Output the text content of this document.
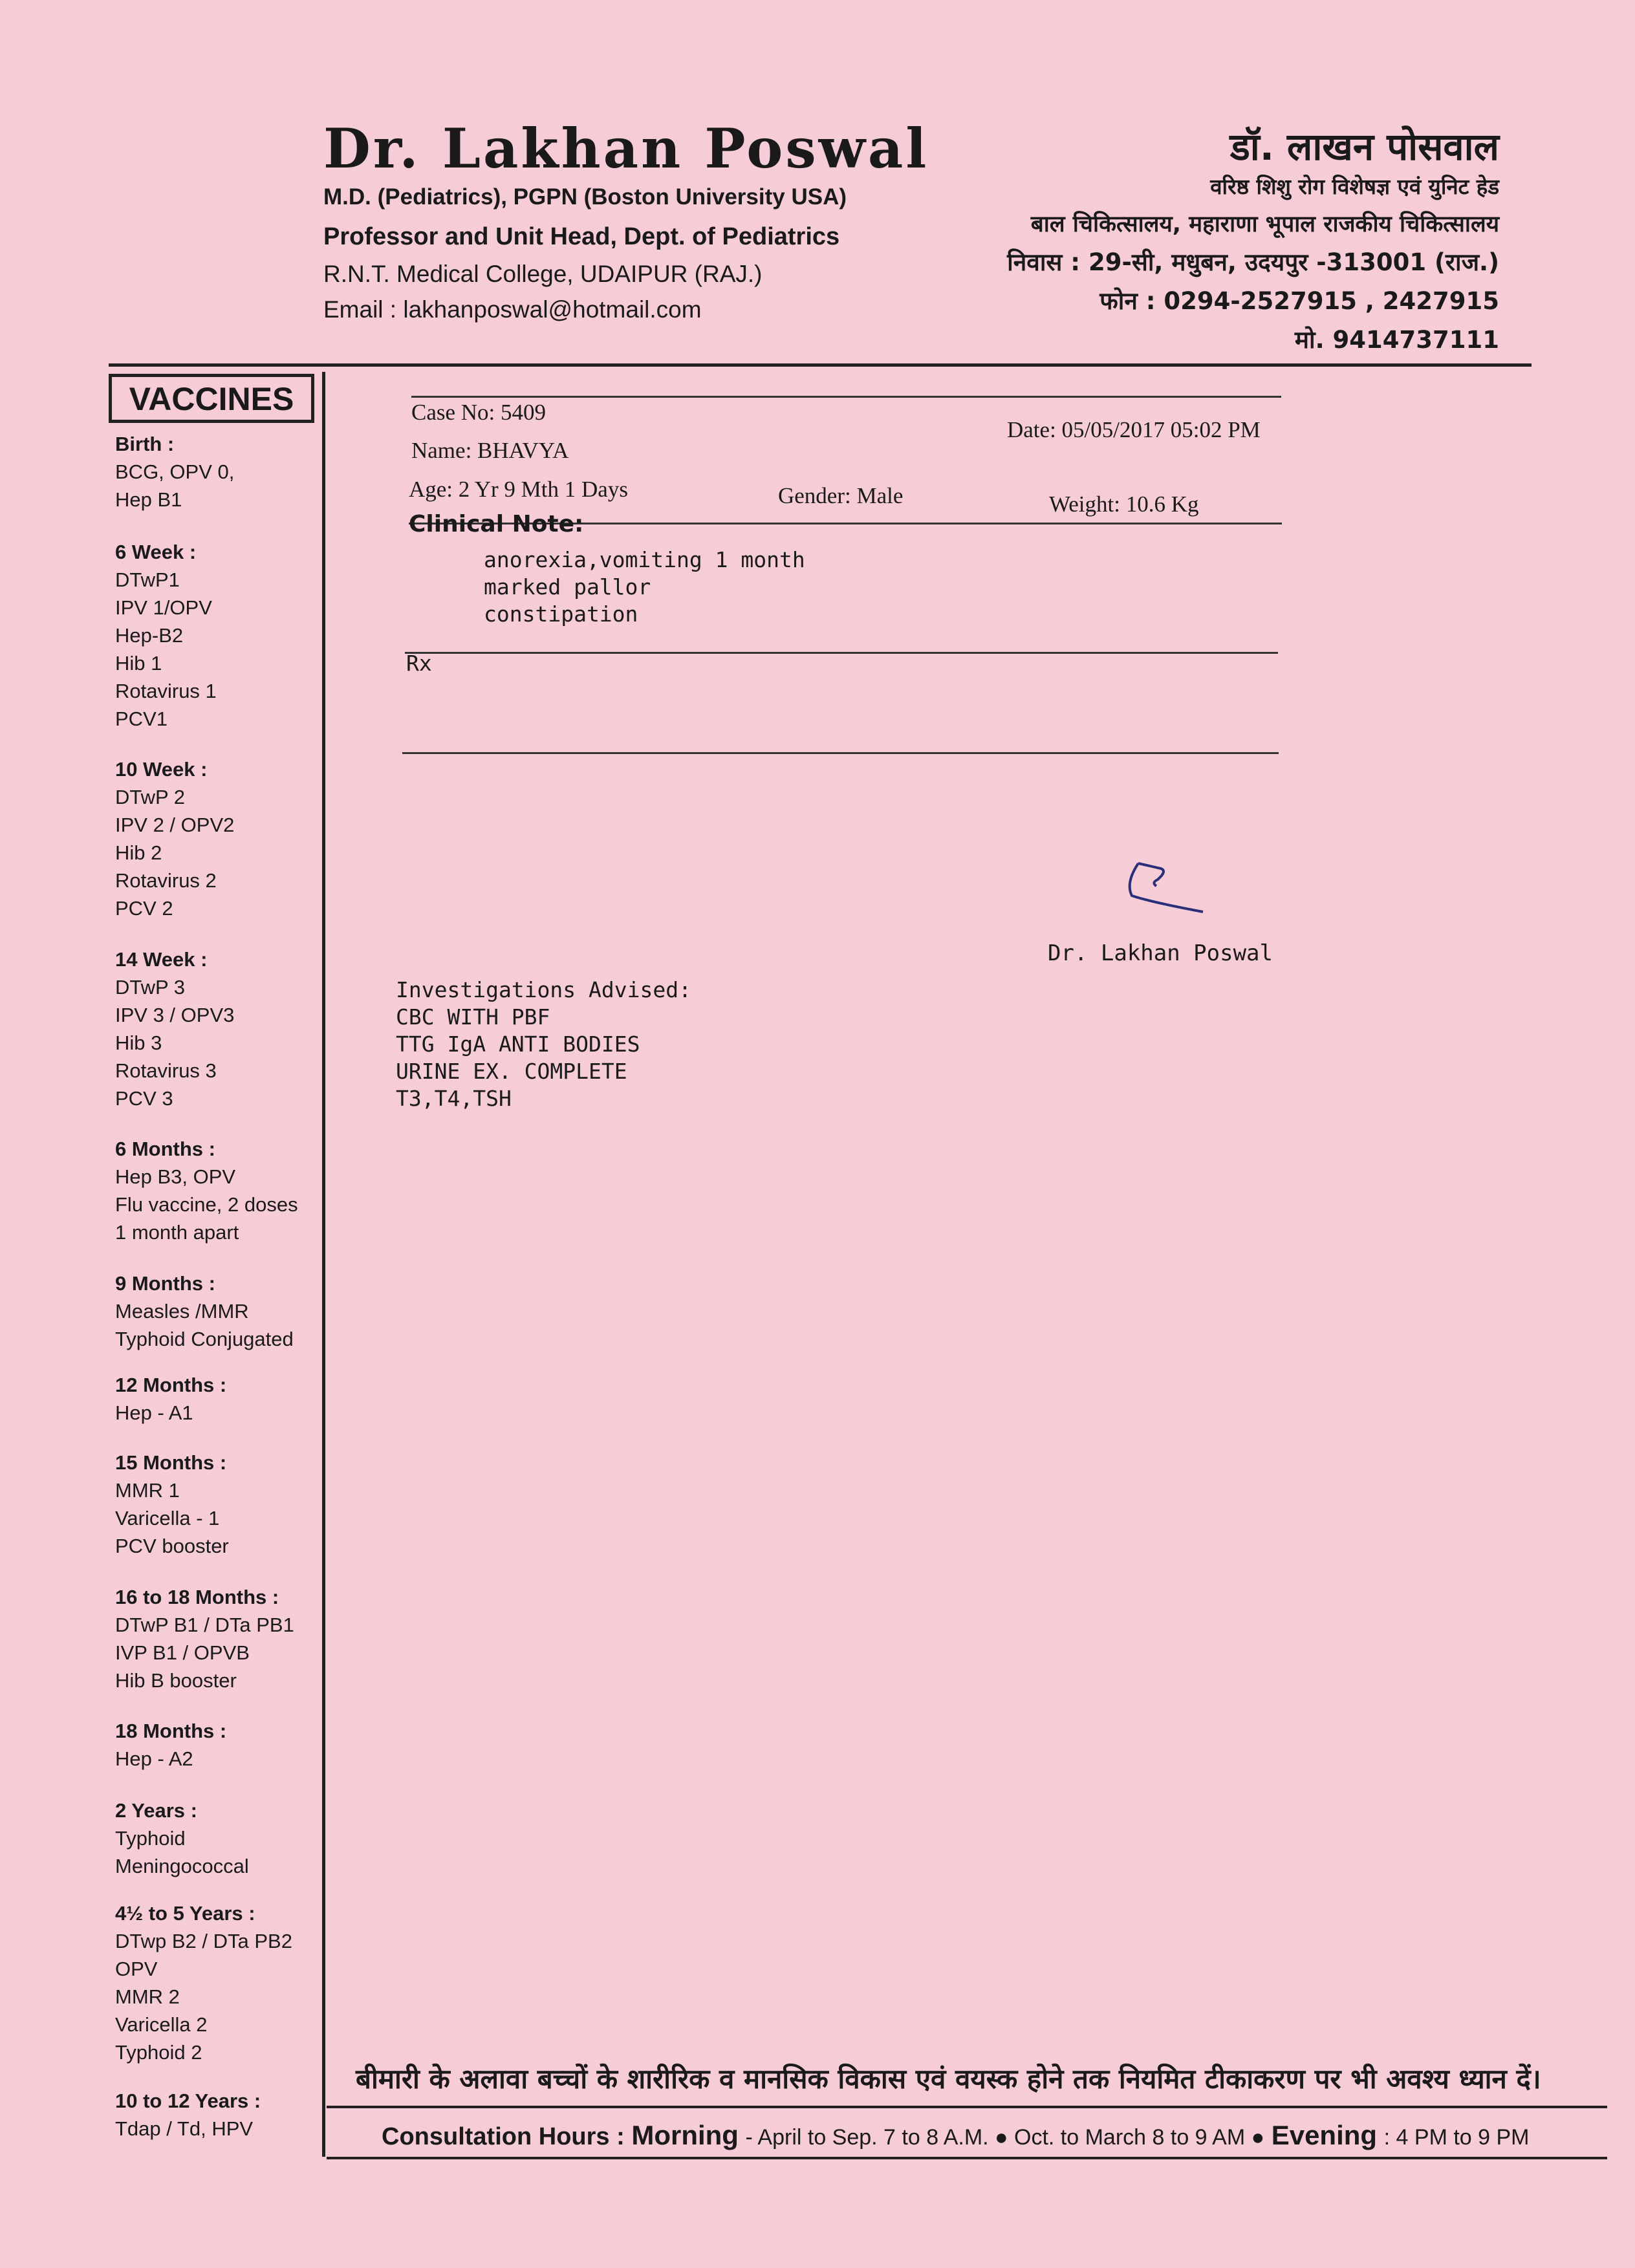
Dr. Lakhan Poswal
M.D. (Pediatrics), PGPN (Boston University USA)
Professor and Unit Head, Dept. of Pediatrics
R.N.T. Medical College, UDAIPUR (RAJ.)
Email : lakhanposwal@hotmail.com
डॉ. लाखन पोसवाल
वरिष्ठ शिशु रोग विशेषज्ञ एवं युनिट हेड
बाल चिकित्सालय, महाराणा भूपाल राजकीय चिकित्सालय
निवास : 29-सी, मधुबन, उदयपुर -313001 (राज.)
फोन : 0294-2527915 , 2427915
मो. 9414737111
VACCINES
Birth :
BCG, OPV 0,
Hep B1
6 Week :
DTwP1
IPV 1/OPV
Hep-B2
Hib 1
Rotavirus 1
PCV1
10 Week :
DTwP 2
IPV 2 / OPV2
Hib 2
Rotavirus 2
PCV 2
14 Week :
DTwP 3
IPV 3 / OPV3
Hib 3
Rotavirus 3
PCV 3
6 Months :
Hep B3, OPV
Flu vaccine, 2 doses
1 month apart
9 Months :
Measles /MMR
Typhoid Conjugated
12 Months :
Hep - A1
15 Months :
MMR 1
Varicella - 1
PCV booster
16 to 18 Months :
DTwP B1 / DTa PB1
IVP B1 / OPVB
Hib B booster
18 Months :
Hep - A2
2 Years :
Typhoid
Meningococcal
4½ to 5 Years :
DTwp B2 / DTa PB2
OPV
MMR 2
Varicella 2
Typhoid 2
10 to 12 Years :
Tdap / Td, HPV
Case No: 5409
Date: 05/05/2017 05:02 PM
Name: BHAVYA
Age: 2 Yr 9 Mth 1 Days	Gender: Male	Weight: 10.6 Kg
Clinical Note:
anorexia,vomiting 1 month
marked pallor
constipation
Rx
Dr. Lakhan Poswal
Investigations Advised:
CBC WITH PBF
TTG IgA ANTI BODIES
URINE EX. COMPLETE
T3,T4,TSH
बीमारी के अलावा बच्चों के शारीरिक व मानसिक विकास एवं वयस्क होने तक नियमित टीकाकरण पर भी अवश्य ध्यान दें।
Consultation Hours : Morning - April to Sep. 7 to 8 A.M. ● Oct. to March 8 to 9 AM ● Evening : 4 PM to 9 PM
